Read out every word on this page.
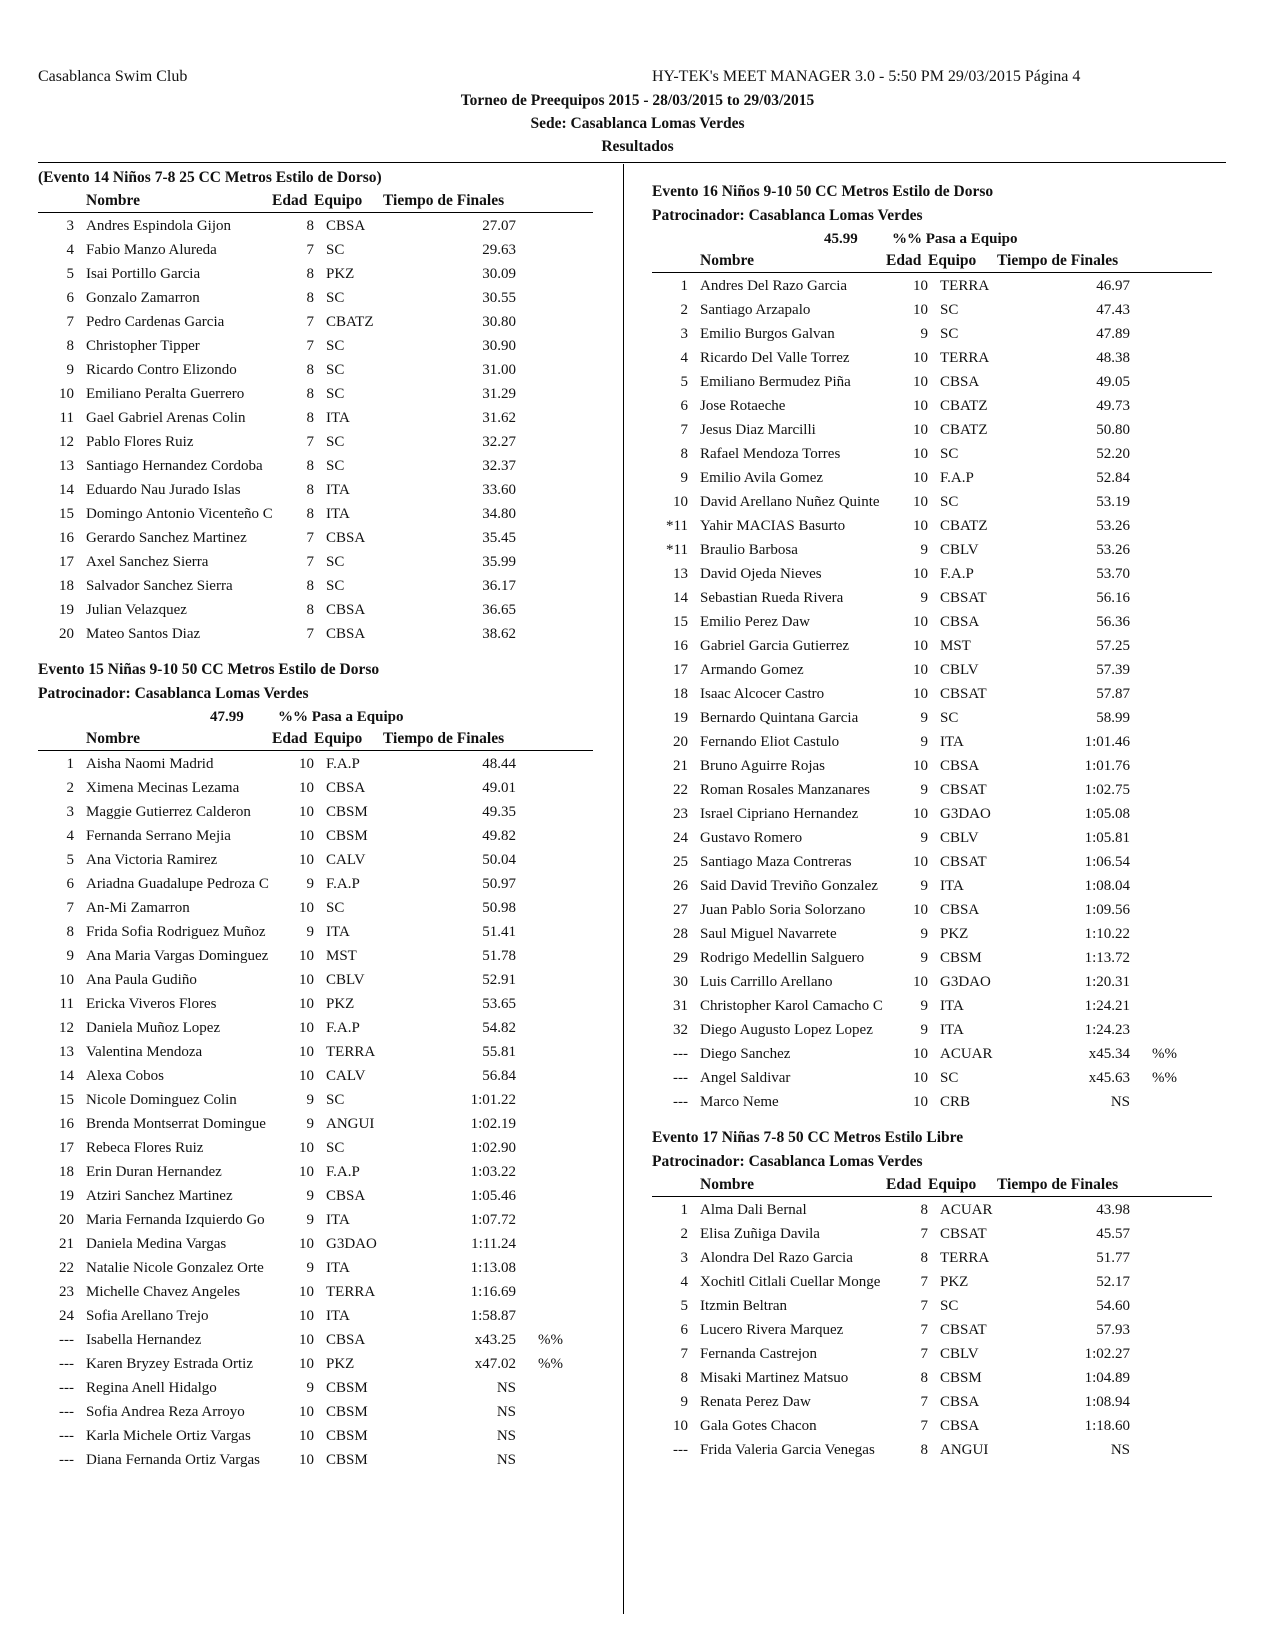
Casablanca Swim Club	HY-TEK's MEET MANAGER 3.0 - 5:50 PM 29/03/2015 Página 4
Torneo de Preequipos 2015 - 28/03/2015 to 29/03/2015
Sede: Casablanca Lomas Verdes
Resultados
(Evento 14 Niños 7-8 25 CC Metros Estilo de Dorso)
Nombre	Edad Equipo Tiempo de Finales
3 Andres Espindola Gijon	8 CBSA	27.07
4 Fabio Manzo Alureda	7 SC	29.63
5 Isai Portillo Garcia	8 PKZ	30.09
6 Gonzalo Zamarron	8 SC	30.55
7 Pedro Cardenas Garcia	7 CBATZ	30.80
8 Christopher Tipper	7 SC	30.90
9 Ricardo Contro Elizondo	8 SC	31.00
10 Emiliano Peralta Guerrero	8 SC	31.29
11 Gael Gabriel Arenas Colin	8 ITA	31.62
12 Pablo Flores Ruiz	7 SC	32.27
13 Santiago Hernandez Cordoba	8 SC	32.37
14 Eduardo Nau Jurado Islas	8 ITA	33.60
15 Domingo Antonio Vicenteño C	8 ITA	34.80
16 Gerardo Sanchez Martinez	7 CBSA	35.45
17 Axel Sanchez Sierra	7 SC	35.99
18 Salvador Sanchez Sierra	8 SC	36.17
19 Julian Velazquez	8 CBSA	36.65
20 Mateo Santos Diaz	7 CBSA	38.62
Evento 15 Niñas 9-10 50 CC Metros Estilo de Dorso
Patrocinador: Casablanca Lomas Verdes
47.99 %% Pasa a Equipo
Nombre	Edad Equipo Tiempo de Finales
1 Aisha Naomi Madrid	10 F.A.P	48.44
2 Ximena Mecinas Lezama	10 CBSA	49.01
3 Maggie Gutierrez Calderon	10 CBSM	49.35
4 Fernanda Serrano Mejia	10 CBSM	49.82
5 Ana Victoria Ramirez	10 CALV	50.04
6 Ariadna Guadalupe Pedroza C	9 F.A.P	50.97
7 An-Mi Zamarron	10 SC	50.98
8 Frida Sofia Rodriguez Muñoz	9 ITA	51.41
9 Ana Maria Vargas Dominguez	10 MST	51.78
10 Ana Paula Gudiño	10 CBLV	52.91
11 Ericka Viveros Flores	10 PKZ	53.65
12 Daniela Muñoz Lopez	10 F.A.P	54.82
13 Valentina Mendoza	10 TERRA	55.81
14 Alexa Cobos	10 CALV	56.84
15 Nicole Dominguez Colin	9 SC	1:01.22
16 Brenda Montserrat Domingue	9 ANGUI	1:02.19
17 Rebeca Flores Ruiz	10 SC	1:02.90
18 Erin Duran Hernandez	10 F.A.P	1:03.22
19 Atziri Sanchez Martinez	9 CBSA	1:05.46
20 Maria Fernanda Izquierdo Go	9 ITA	1:07.72
21 Daniela Medina Vargas	10 G3DAO	1:11.24
22 Natalie Nicole Gonzalez Orte	9 ITA	1:13.08
23 Michelle Chavez Angeles	10 TERRA	1:16.69
24 Sofia Arellano Trejo	10 ITA	1:58.87
--- Isabella Hernandez	10 CBSA	x43.25 %%
--- Karen Bryzey Estrada Ortiz	10 PKZ	x47.02 %%
--- Regina Anell Hidalgo	9 CBSM	NS
--- Sofia Andrea Reza Arroyo	10 CBSM	NS
--- Karla Michele Ortiz Vargas	10 CBSM	NS
--- Diana Fernanda Ortiz Vargas	10 CBSM	NS
Evento 16 Niños 9-10 50 CC Metros Estilo de Dorso
Patrocinador: Casablanca Lomas Verdes
45.99 %% Pasa a Equipo
Nombre	Edad Equipo Tiempo de Finales
1 Andres Del Razo Garcia	10 TERRA	46.97
2 Santiago Arzapalo	10 SC	47.43
3 Emilio Burgos Galvan	9 SC	47.89
4 Ricardo Del Valle Torrez	10 TERRA	48.38
5 Emiliano Bermudez Piña	10 CBSA	49.05
6 Jose Rotaeche	10 CBATZ	49.73
7 Jesus Diaz Marcilli	10 CBATZ	50.80
8 Rafael Mendoza Torres	10 SC	52.20
9 Emilio Avila Gomez	10 F.A.P	52.84
10 David Arellano Nuñez Quinte	10 SC	53.19
*11 Yahir MACIAS Basurto	10 CBATZ	53.26
*11 Braulio Barbosa	9 CBLV	53.26
13 David Ojeda Nieves	10 F.A.P	53.70
14 Sebastian Rueda Rivera	9 CBSAT	56.16
15 Emilio Perez Daw	10 CBSA	56.36
16 Gabriel Garcia Gutierrez	10 MST	57.25
17 Armando Gomez	10 CBLV	57.39
18 Isaac Alcocer Castro	10 CBSAT	57.87
19 Bernardo Quintana Garcia	9 SC	58.99
20 Fernando Eliot Castulo	9 ITA	1:01.46
21 Bruno Aguirre Rojas	10 CBSA	1:01.76
22 Roman Rosales Manzanares	9 CBSAT	1:02.75
23 Israel Cipriano Hernandez	10 G3DAO	1:05.08
24 Gustavo Romero	9 CBLV	1:05.81
25 Santiago Maza Contreras	10 CBSAT	1:06.54
26 Said David Treviño Gonzalez	9 ITA	1:08.04
27 Juan Pablo Soria Solorzano	10 CBSA	1:09.56
28 Saul Miguel Navarrete	9 PKZ	1:10.22
29 Rodrigo Medellin Salguero	9 CBSM	1:13.72
30 Luis Carrillo Arellano	10 G3DAO	1:20.31
31 Christopher Karol Camacho C	9 ITA	1:24.21
32 Diego Augusto Lopez Lopez	9 ITA	1:24.23
--- Diego Sanchez	10 ACUAR	x45.34 %%
--- Angel Saldivar	10 SC	x45.63 %%
--- Marco Neme	10 CRB	NS
Evento 17 Niñas 7-8 50 CC Metros Estilo Libre
Patrocinador: Casablanca Lomas Verdes
Nombre	Edad Equipo Tiempo de Finales
1 Alma Dali Bernal	8 ACUAR	43.98
2 Elisa Zuñiga Davila	7 CBSAT	45.57
3 Alondra Del Razo Garcia	8 TERRA	51.77
4 Xochitl Citlali Cuellar Monge	7 PKZ	52.17
5 Itzmin Beltran	7 SC	54.60
6 Lucero Rivera Marquez	7 CBSAT	57.93
7 Fernanda Castrejon	7 CBLV	1:02.27
8 Misaki Martinez Matsuo	8 CBSM	1:04.89
9 Renata Perez Daw	7 CBSA	1:08.94
10 Gala Gotes Chacon	7 CBSA	1:18.60
--- Frida Valeria Garcia Venegas	8 ANGUI	NS
